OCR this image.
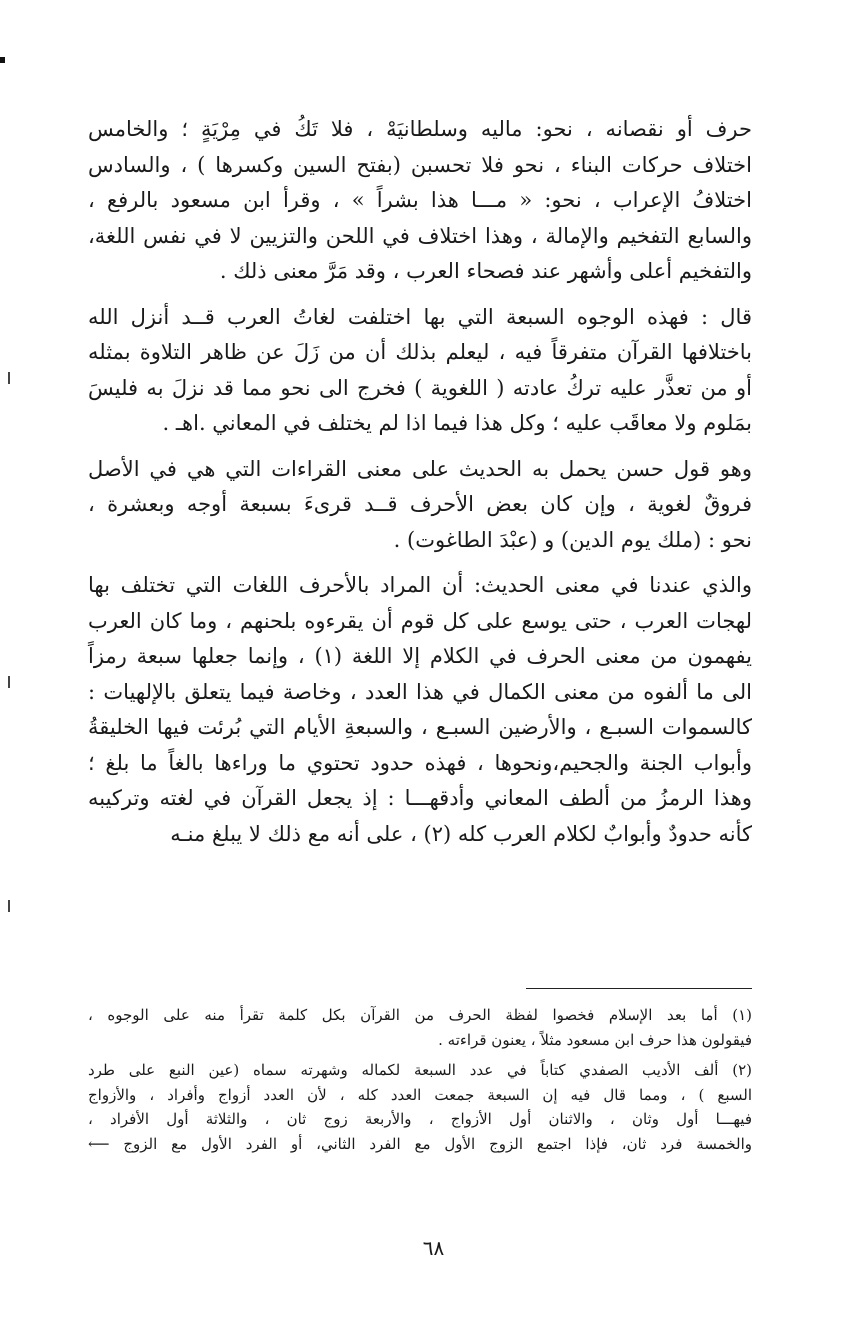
حرف أو نقصانه ، نحو: ماليه وسلطانيَهْ ، فلا تَكُ في مِرْيَةٍ ؛ والخامس
اختلاف حركات البناء ، نحو فلا تحسبن (بفتح السين وكسرها ) ، والسادس
اختلافُ الإعراب ، نحو: « مـــا هذا بشراً » ، وقرأ ابن مسعود بالرفع ،
والسابع التفخيم والإمالة ، وهذا اختلاف في اللحن والتزيين لا في نفس اللغة،
والتفخيم أعلى وأشهر عند فصحاء العرب ، وقد مَرَّ معنى ذلك .
قال : فهذه الوجوه السبعة التي بها اختلفت لغاتُ العرب قــد أنزل الله
باختلافها القرآن متفرقاً فيه ، ليعلم بذلك أن من زَلَ عن ظاهر التلاوة بمثله
أو من تعذَّر عليه تركُ عادته ( اللغوية ) فخرج الى نحو مما قد نزلَ به فليسَ
بمَلوم ولا معاقَب عليه ؛ وكل هذا فيما اذا لم يختلف في المعاني .اهـ .
وهو قول حسن يحمل به الحديث على معنى القراءات التي هي في الأصل
فروقٌ لغوية ، وإن كان بعض الأحرف قــد قرىءَ بسبعة أوجه وبعشرة ،
نحو : (ملك يوم الدين) و (عبْدَ الطاغوت) .
والذي عندنا في معنى الحديث: أن المراد بالأحرف اللغات التي تختلف بها
لهجات العرب ، حتى يوسع على كل قوم أن يقرءوه بلحنهم ، وما كان العرب
يفهمون من معنى الحرف في الكلام إلا اللغة (١) ، وإنما جعلها سبعة رمزاً
الى ما ألفوه من معنى الكمال في هذا العدد ، وخاصة فيما يتعلق بالإلهيات :
كالسموات السبـع ، والأرضين السبـع ، والسبعةِ الأيام التي بُرئت فيها الخليقةُ
وأبواب الجنة والجحيم،ونحوها ، فهذه حدود تحتوي ما وراءها بالغاً ما بلغ ؛
وهذا الرمزُ من ألطف المعاني وأدقهـــا : إذ يجعل القرآن في لغته وتركيبه
كأنه حدودٌ وأبوابٌ لكلام العرب كله (٢) ، على أنه مع ذلك لا يبلغ منـه
(١) أما بعد الإسلام فخصوا لفظة الحرف من القرآن بكل كلمة تقرأ منه على الوجوه ،
فيقولون هذا حرف ابن مسعود مثلاً ، يعنون قراءته .
(٢) ألف الأديب الصفدي كتاباً في عدد السبعة لكماله وشهرته سماه (عين النبع على طرد
السبع ) ، ومما قال فيه إن السبعة جمعت العدد كله ، لأن العدد أزواج وأفراد ، والأزواج
فيهـــا أول وثان ، والاثنان أول الأزواج ، والأربعة زوج ثان ، والثلاثة أول الأفراد ،
والخمسة فرد ثان، فإذا اجتمع الزوج الأول مع الفرد الثاني، أو الفرد الأول مع الزوج ⟵
٦٨
